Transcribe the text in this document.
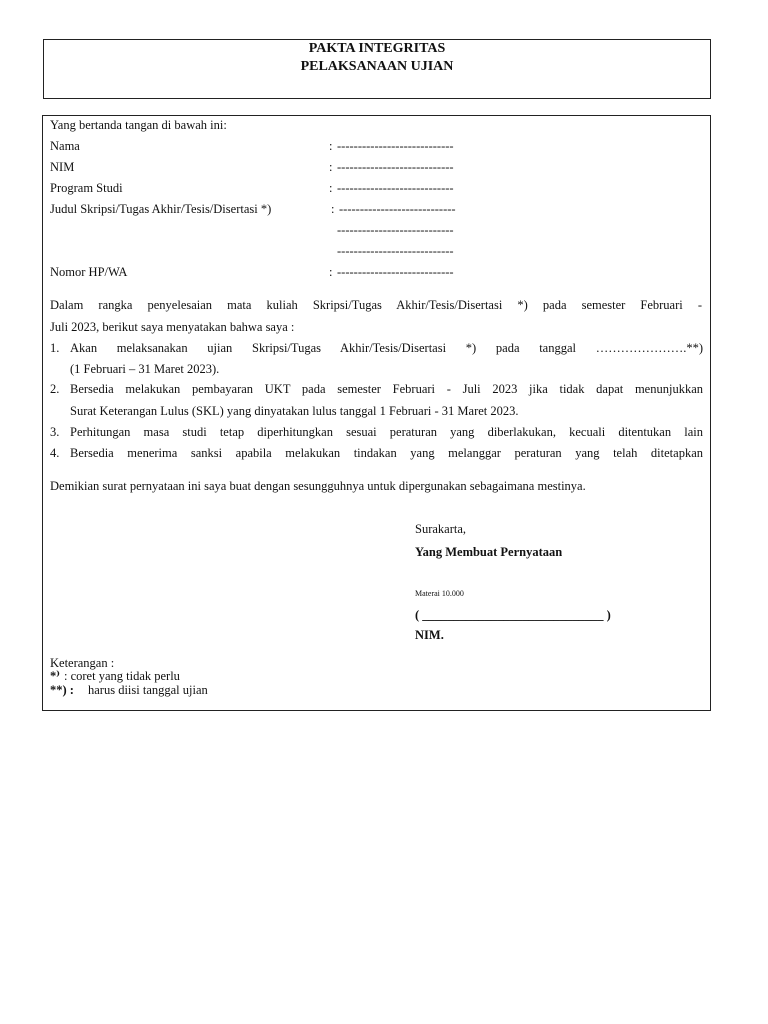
PAKTA INTEGRITAS
PELAKSANAAN UJIAN
Yang bertanda tangan di bawah ini:
Nama	: ----------------------------
NIM	: ----------------------------
Program Studi	: ----------------------------
Judul Skripsi/Tugas Akhir/Tesis/Disertasi *)	: ----------------------------
----------------------------
----------------------------
Nomor HP/WA	: ----------------------------
Dalam rangka penyelesaian mata kuliah Skripsi/Tugas Akhir/Tesis/Disertasi *) pada semester Februari -
Juli 2023, berikut saya menyatakan bahwa saya :
1. Akan melaksanakan ujian Skripsi/Tugas Akhir/Tesis/Disertasi *) pada tanggal ………………….**)
(1 Februari – 31 Maret 2023).
2. Bersedia melakukan pembayaran UKT pada semester Februari - Juli 2023 jika tidak dapat menunjukkan
Surat Keterangan Lulus (SKL) yang dinyatakan lulus tanggal 1 Februari - 31 Maret 2023.
3. Perhitungan masa studi tetap diperhitungkan sesuai peraturan yang diberlakukan, kecuali ditentukan lain
4. Bersedia menerima sanksi apabila melakukan tindakan yang melanggar peraturan yang telah ditetapkan
Demikian surat pernyataan ini saya buat dengan sesungguhnya untuk dipergunakan sebagaimana mestinya.
Surakarta,
Yang Membuat Pernyataan
Materai 10.000
( _____________________________ )
NIM.
Keterangan :
*⁾ : coret yang tidak perlu
**) : harus diisi tanggal ujian
